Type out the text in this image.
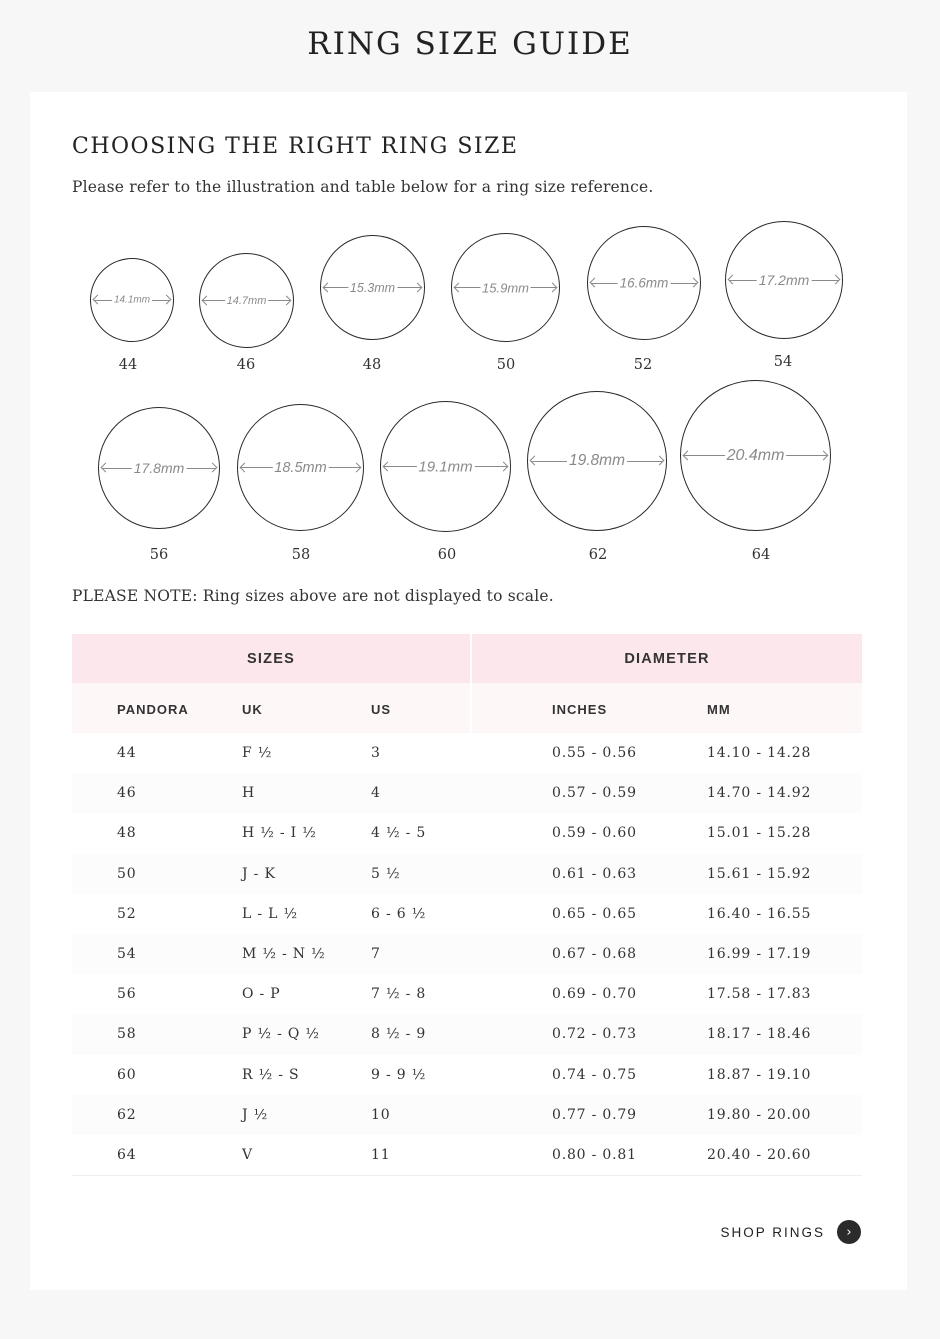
RING SIZE GUIDE
CHOOSING THE RIGHT RING SIZE

Please refer to the illustration and table below for a ring size reference.

14.1mm
44
14.7mm
46
15.3mm
48
15.9mm
50
16.6mm
52
17.2mm
54
17.8mm
56
18.5mm
58
19.1mm
60
19.8mm
62
20.4mm
64

PLEASE NOTE: Ring sizes above are not displayed to scale.

SIZES	DIAMETER
PANDORA	UK	US	INCHES	MM
44	F ½	3	0.55 - 0.56	14.10 - 14.28
46	H	4	0.57 - 0.59	14.70 - 14.92
48	H ½ - I ½	4 ½ - 5	0.59 - 0.60	15.01 - 15.28
50	J - K	5 ½	0.61 - 0.63	15.61 - 15.92
52	L - L ½	6 - 6 ½	0.65 - 0.65	16.40 - 16.55
54	M ½ - N ½	7	0.67 - 0.68	16.99 - 17.19
56	O - P	7 ½ - 8	0.69 - 0.70	17.58 - 17.83
58	P ½ - Q ½	8 ½ - 9	0.72 - 0.73	18.17 - 18.46
60	R ½ - S	9 - 9 ½	0.74 - 0.75	18.87 - 19.10
62	J ½	10	0.77 - 0.79	19.80 - 20.00
64	V	11	0.80 - 0.81	20.40 - 20.60
SHOP RINGS	›
